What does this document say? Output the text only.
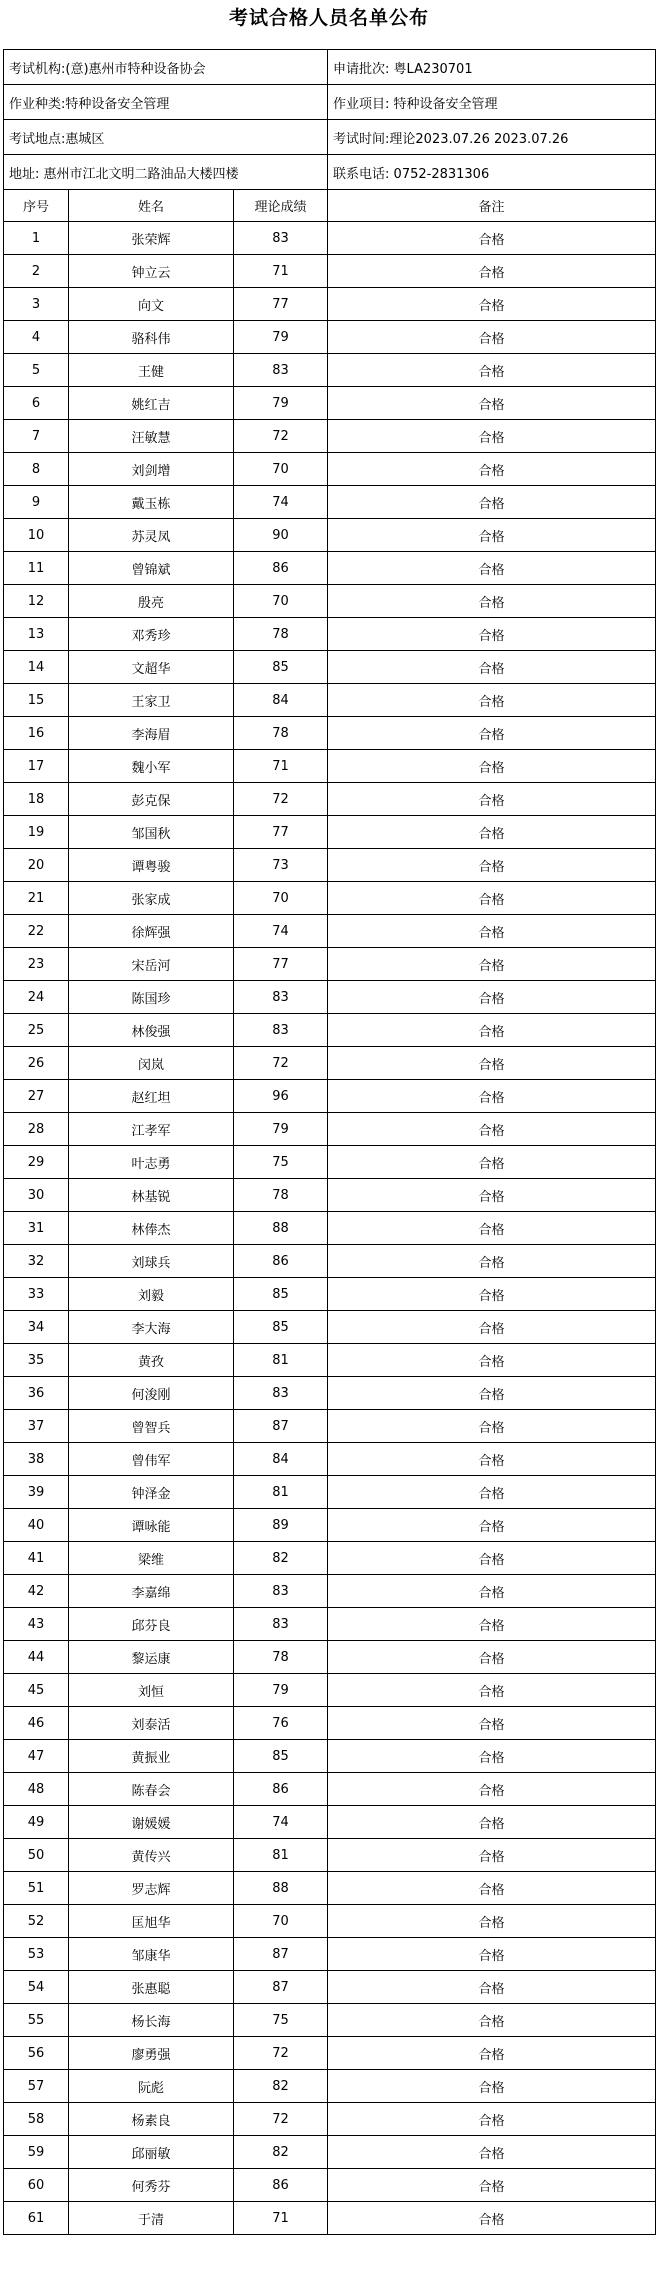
考试合格人员名单公布
考试机构:(意)惠州市特种设备协会			申请批次: 粤LA230701
作业种类:特种设备安全管理			作业项目: 特种设备安全管理
考试地点:惠城区			考试时间:理论2023.07.26 2023.07.26
地址: 惠州市江北文明二路油品大楼四楼			联系电话: 0752-2831306
序号	姓名	理论成绩	备注
1	张荣辉	83	合格
2	钟立云	71	合格
3	向文	77	合格
4	骆科伟	79	合格
5	王健	83	合格
6	姚红吉	79	合格
7	汪敏慧	72	合格
8	刘剑增	70	合格
9	戴玉栋	74	合格
10	苏灵凤	90	合格
11	曾锦斌	86	合格
12	殷亮	70	合格
13	邓秀珍	78	合格
14	文超华	85	合格
15	王家卫	84	合格
16	李海眉	78	合格
17	魏小军	71	合格
18	彭克保	72	合格
19	邹国秋	77	合格
20	谭粤骏	73	合格
21	张家成	70	合格
22	徐辉强	74	合格
23	宋岳河	77	合格
24	陈国珍	83	合格
25	林俊强	83	合格
26	闵岚	72	合格
27	赵红坦	96	合格
28	江孝军	79	合格
29	叶志勇	75	合格
30	林基锐	78	合格
31	林俸杰	88	合格
32	刘球兵	86	合格
33	刘毅	85	合格
34	李大海	85	合格
35	黄孜	81	合格
36	何浚刚	83	合格
37	曾智兵	87	合格
38	曾伟军	84	合格
39	钟泽金	81	合格
40	谭咏能	89	合格
41	梁维	82	合格
42	李嘉绵	83	合格
43	邱芬良	83	合格
44	黎运康	78	合格
45	刘恒	79	合格
46	刘泰活	76	合格
47	黄振业	85	合格
48	陈春会	86	合格
49	谢媛媛	74	合格
50	黄传兴	81	合格
51	罗志辉	88	合格
52	匡旭华	70	合格
53	邹康华	87	合格
54	张惠聪	87	合格
55	杨长海	75	合格
56	廖勇强	72	合格
57	阮彪	82	合格
58	杨素良	72	合格
59	邱丽敏	82	合格
60	何秀芬	86	合格
61	于清	71	合格
